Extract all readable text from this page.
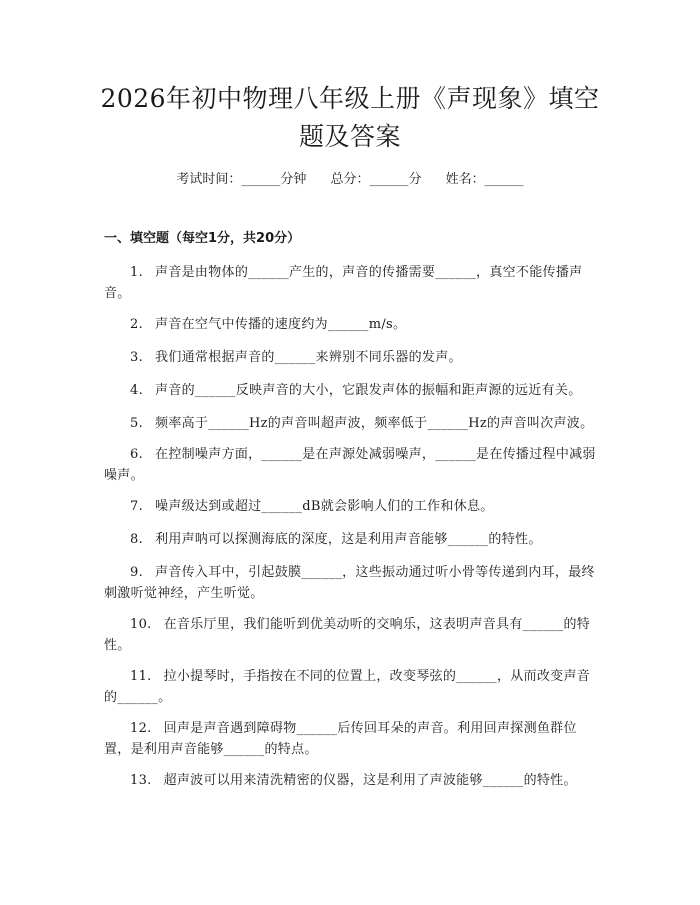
2026年初中物理八年级上册《声现象》填空题及答案
考试时间：______分钟 总分：______分 姓名：______
一、填空题（每空1分，共20分）

1. 声音是由物体的______产生的，声音的传播需要______，真空不能传播声音。

2. 声音在空气中传播的速度约为______m/s。

3. 我们通常根据声音的______来辨别不同乐器的发声。

4. 声音的______反映声音的大小，它跟发声体的振幅和距声源的远近有关。

5. 频率高于______Hz的声音叫超声波，频率低于______Hz的声音叫次声波。

6. 在控制噪声方面，______是在声源处减弱噪声，______是在传播过程中减弱噪声。

7. 噪声级达到或超过______dB就会影响人们的工作和休息。

8. 利用声呐可以探测海底的深度，这是利用声音能够______的特性。

9. 声音传入耳中，引起鼓膜______，这些振动通过听小骨等传递到内耳，最终刺激听觉神经，产生听觉。

10. 在音乐厅里，我们能听到优美动听的交响乐，这表明声音具有______的特性。

11. 拉小提琴时，手指按在不同的位置上，改变琴弦的______，从而改变声音的______。

12. 回声是声音遇到障碍物______后传回耳朵的声音。利用回声探测鱼群位置，是利用声音能够______的特点。

13. 超声波可以用来清洗精密的仪器，这是利用了声波能够______的特性。
